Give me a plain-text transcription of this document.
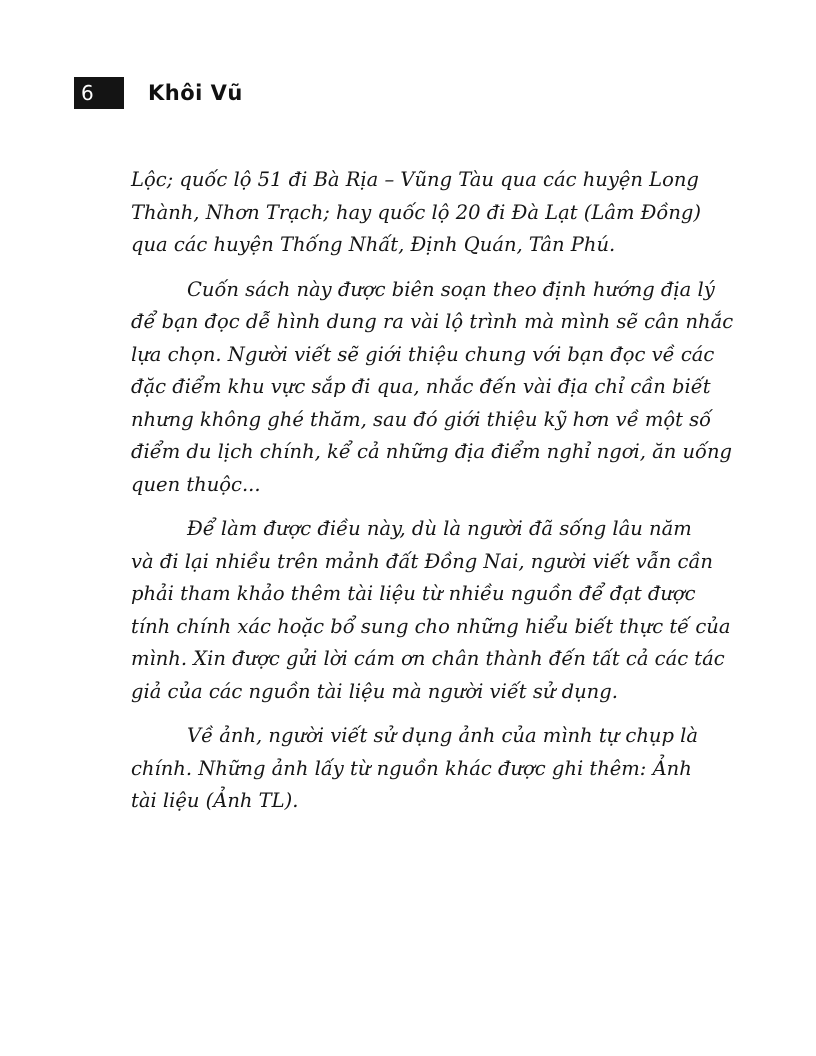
6	Khôi Vũ
Lộc; quốc lộ 51 đi Bà Rịa – Vũng Tàu qua các huyện Long
Thành, Nhơn Trạch; hay quốc lộ 20 đi Đà Lạt (Lâm Đồng)
qua các huyện Thống Nhất, Định Quán, Tân Phú.
Cuốn sách này được biên soạn theo định hướng địa lý
để bạn đọc dễ hình dung ra vài lộ trình mà mình sẽ cân nhắc
lựa chọn. Người viết sẽ giới thiệu chung với bạn đọc về các
đặc điểm khu vực sắp đi qua, nhắc đến vài địa chỉ cần biết
nhưng không ghé thăm, sau đó giới thiệu kỹ hơn về một số
điểm du lịch chính, kể cả những địa điểm nghỉ ngơi, ăn uống
quen thuộc...
Để làm được điều này, dù là người đã sống lâu năm
và đi lại nhiều trên mảnh đất Đồng Nai, người viết vẫn cần
phải tham khảo thêm tài liệu từ nhiều nguồn để đạt được
tính chính xác hoặc bổ sung cho những hiểu biết thực tế của
mình. Xin được gửi lời cám ơn chân thành đến tất cả các tác
giả của các nguồn tài liệu mà người viết sử dụng.
Về ảnh, người viết sử dụng ảnh của mình tự chụp là
chính. Những ảnh lấy từ nguồn khác được ghi thêm: Ảnh
tài liệu (Ảnh TL).
